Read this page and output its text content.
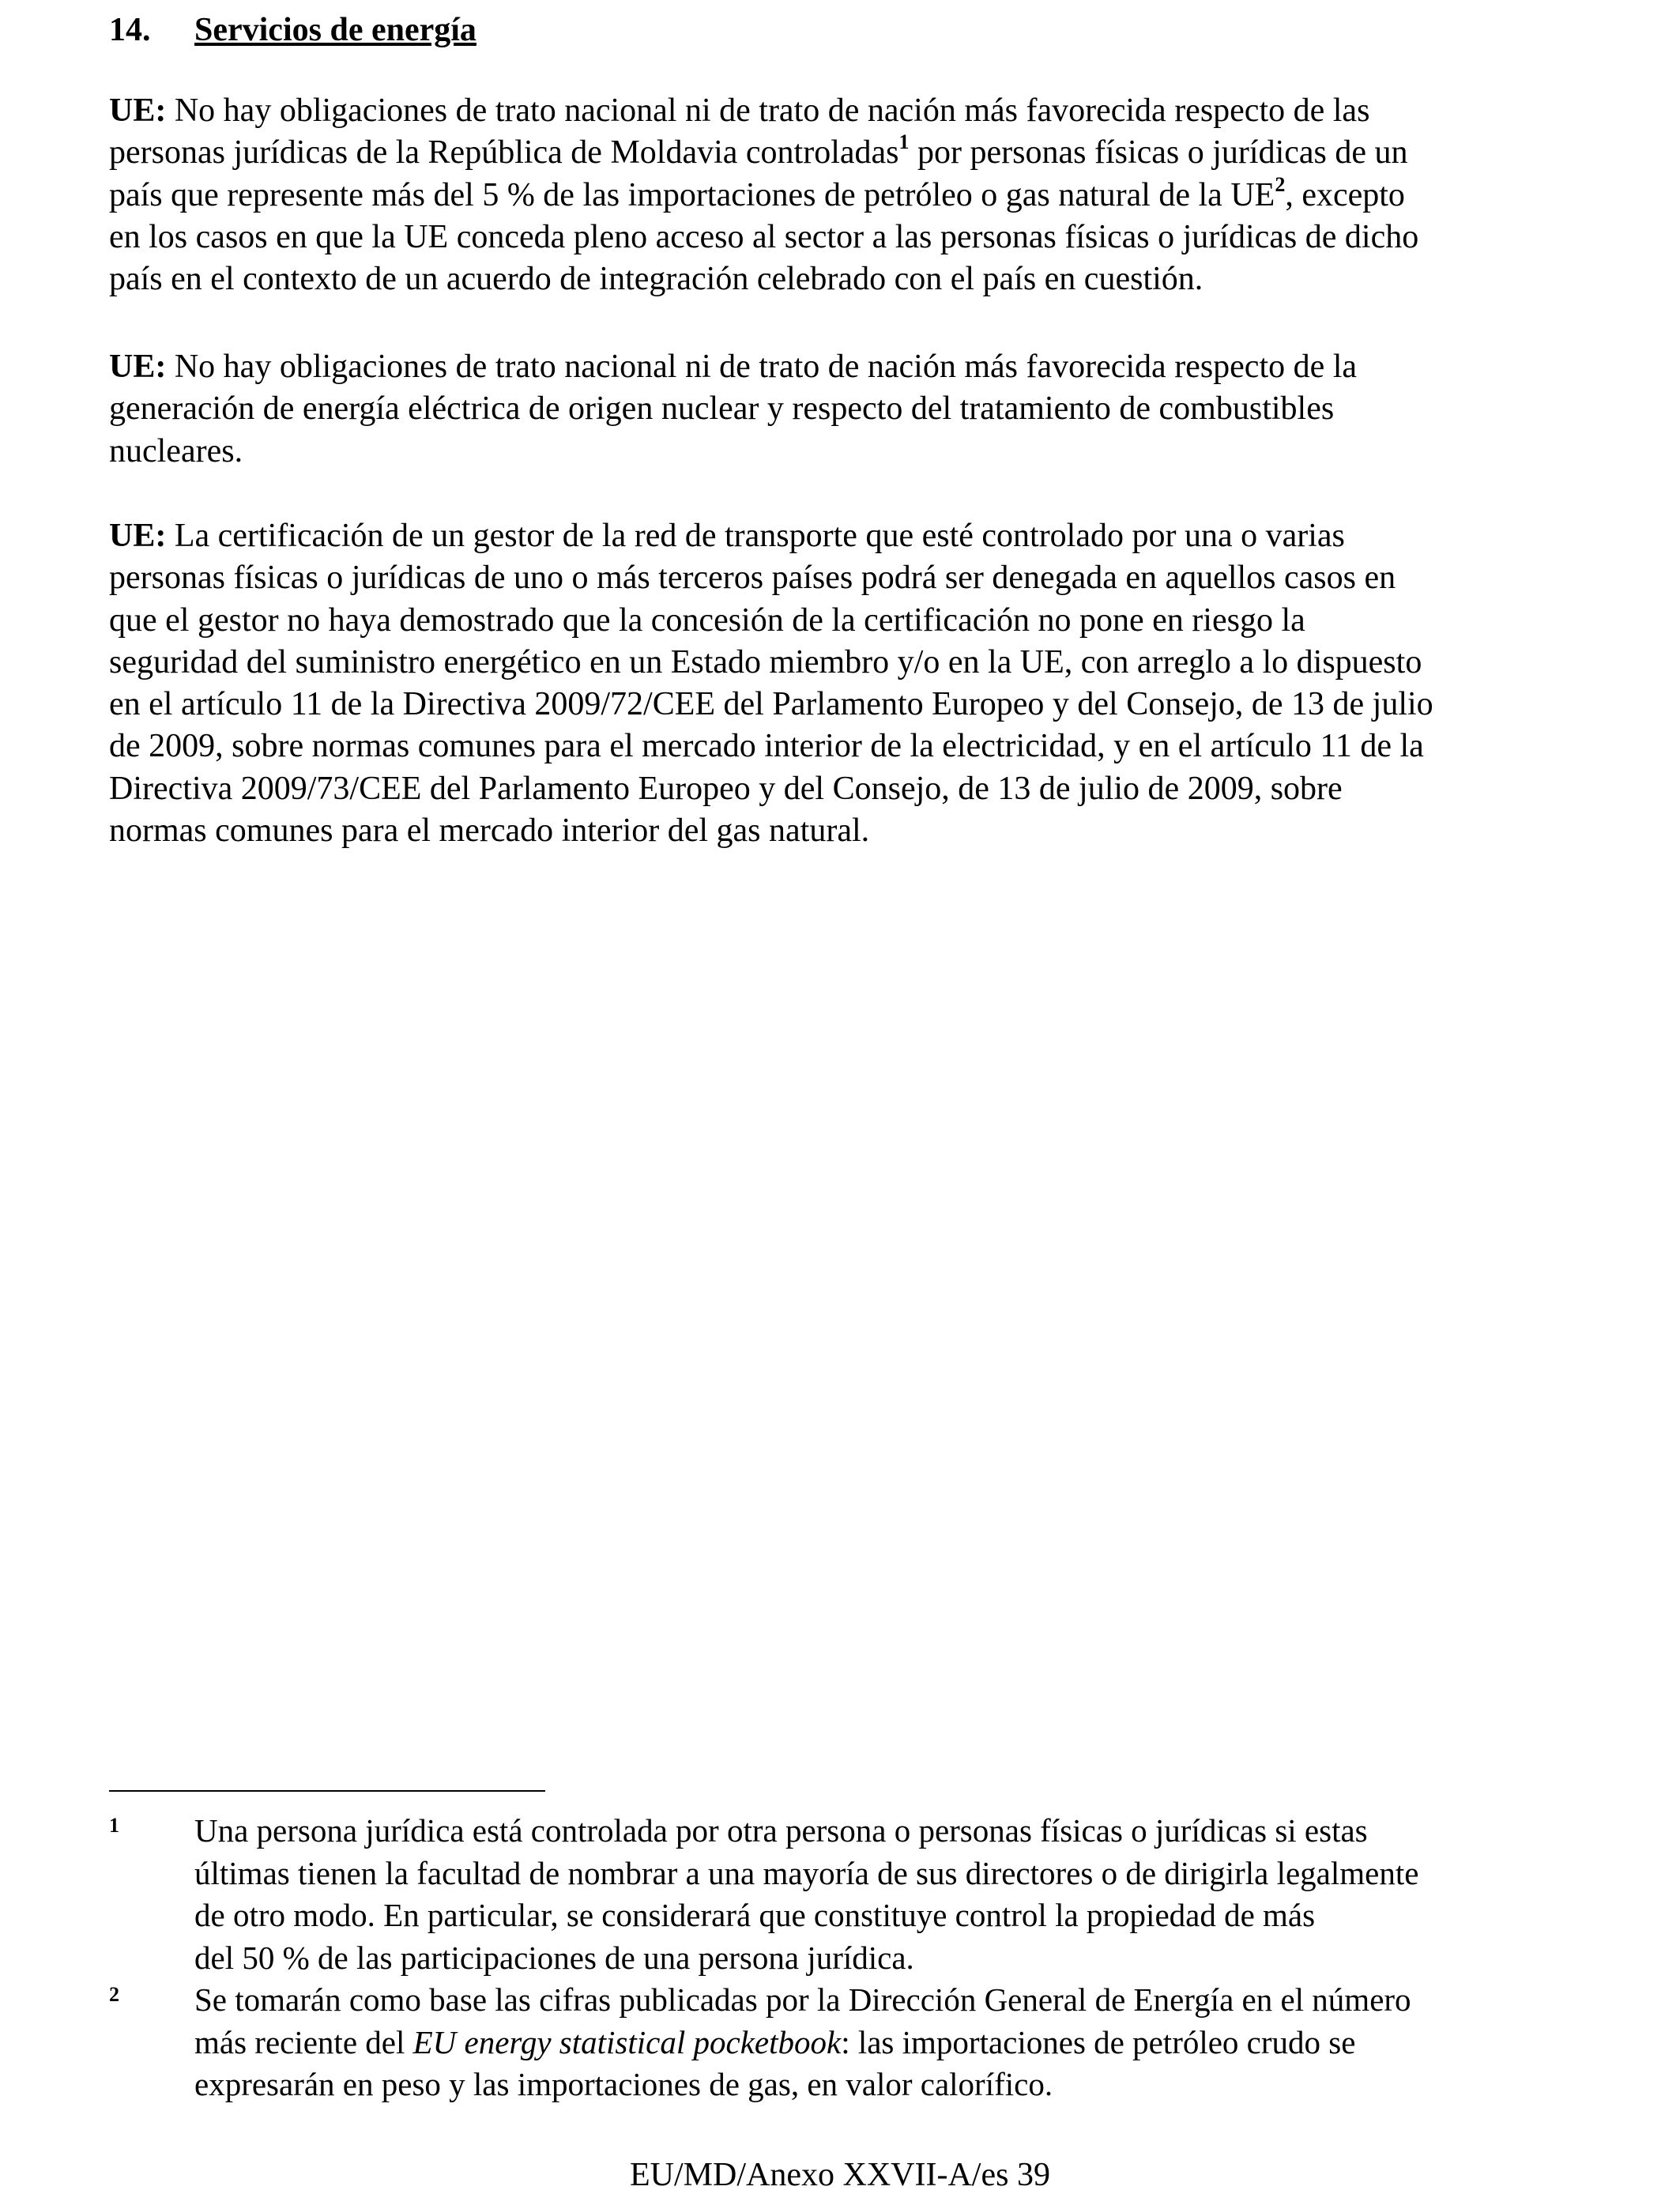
14. Servicios de energía

UE: No hay obligaciones de trato nacional ni de trato de nación más favorecida respecto de las
personas jurídicas de la República de Moldavia controladas$^1$ por personas físicas o jurídicas de un
país que represente más del 5 % de las importaciones de petróleo o gas natural de la UE$^2$, excepto
en los casos en que la UE conceda pleno acceso al sector a las personas físicas o jurídicas de dicho
país en el contexto de un acuerdo de integración celebrado con el país en cuestión.

UE: No hay obligaciones de trato nacional ni de trato de nación más favorecida respecto de la
generación de energía eléctrica de origen nuclear y respecto del tratamiento de combustibles
nucleares.

UE: La certificación de un gestor de la red de transporte que esté controlado por una o varias
personas físicas o jurídicas de uno o más terceros países podrá ser denegada en aquellos casos en
que el gestor no haya demostrado que la concesión de la certificación no pone en riesgo la
seguridad del suministro energético en un Estado miembro y/o en la UE, con arreglo a lo dispuesto
en el artículo 11 de la Directiva 2009/72/CEE del Parlamento Europeo y del Consejo, de 13 de julio
de 2009, sobre normas comunes para el mercado interior de la electricidad, y en el artículo 11 de la
Directiva 2009/73/CEE del Parlamento Europeo y del Consejo, de 13 de julio de 2009, sobre
normas comunes para el mercado interior del gas natural.

1 Una persona jurídica está controlada por otra persona o personas físicas o jurídicas si estas
últimas tienen la facultad de nombrar a una mayoría de sus directores o de dirigirla legalmente
de otro modo. En particular, se considerará que constituye control la propiedad de más
del 50 % de las participaciones de una persona jurídica.
2 Se tomarán como base las cifras publicadas por la Dirección General de Energía en el número
más reciente del EU energy statistical pocketbook: las importaciones de petróleo crudo se
expresarán en peso y las importaciones de gas, en valor calorífico.
EU/MD/Anexo XXVII-A/es 39
